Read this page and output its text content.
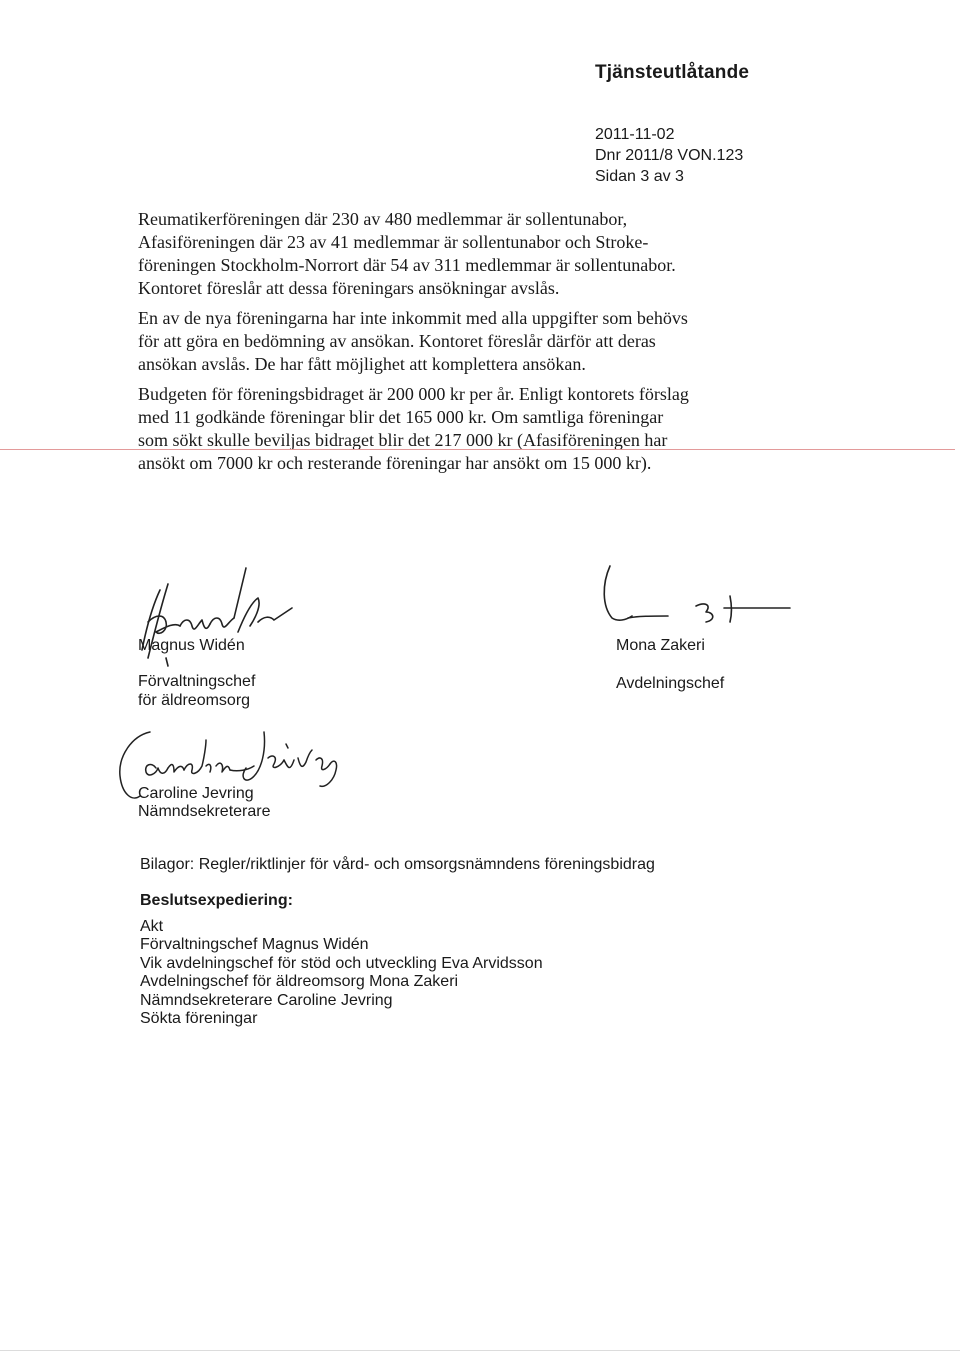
Tjänsteutlåtande
2011-11-02
Dnr 2011/8 VON.123
Sidan 3 av 3

Reumatikerföreningen där 230 av 480 medlemmar är sollentunabor,
Afasiföreningen där 23 av 41 medlemmar är sollentunabor och Stroke-
föreningen Stockholm-Norrort där 54 av 311 medlemmar är sollentunabor.
Kontoret föreslår att dessa föreningars ansökningar avslås.

En av de nya föreningarna har inte inkommit med alla uppgifter som behövs
för att göra en bedömning av ansökan. Kontoret föreslår därför att deras
ansökan avslås. De har fått möjlighet att komplettera ansökan.

Budgeten för föreningsbidraget är 200 000 kr per år. Enligt kontorets förslag
med 11 godkände föreningar blir det 165 000 kr. Om samtliga föreningar
som sökt skulle beviljas bidraget blir det 217 000 kr (Afasiföreningen har
ansökt om 7000 kr och resterande föreningar har ansökt om 15 000 kr).

Magnus Widén
Förvaltningschef
för äldreomsorg
Mona Zakeri
Avdelningschef
Caroline Jevring
Nämndsekreterare
Bilagor: Regler/riktlinjer för vård- och omsorgsnämndens föreningsbidrag
Beslutsexpediering:
Akt
Förvaltningschef Magnus Widén
Vik avdelningschef för stöd och utveckling Eva Arvidsson
Avdelningschef för äldreomsorg Mona Zakeri
Nämndsekreterare Caroline Jevring
Sökta föreningar
